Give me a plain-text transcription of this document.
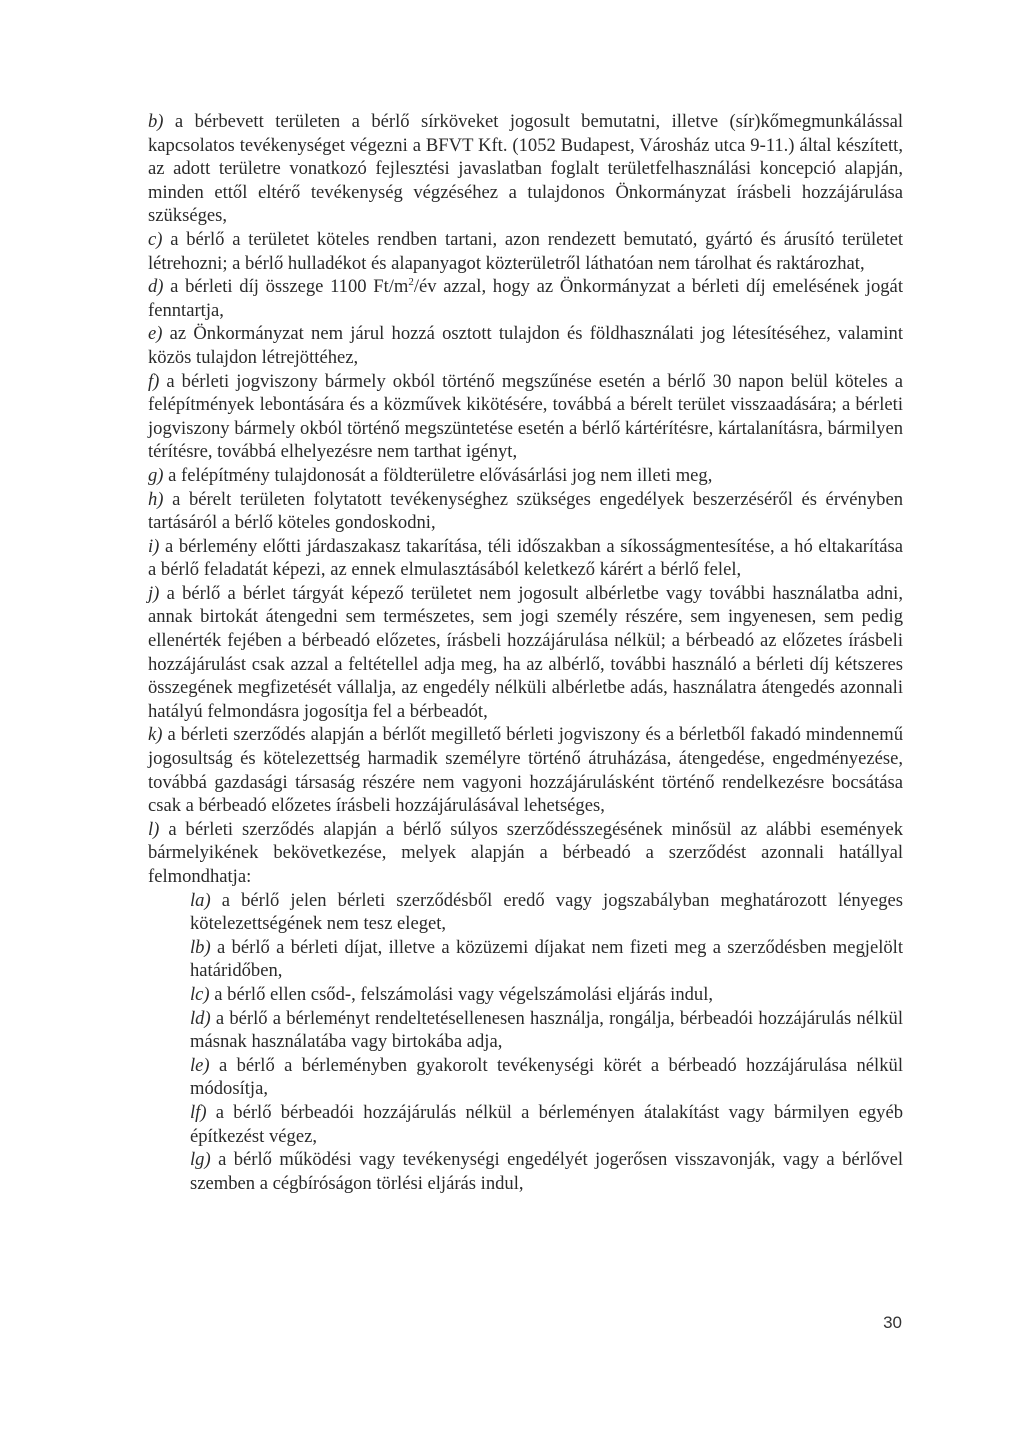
b) a bérbevett területen a bérlő sírköveket jogosult bemutatni, illetve (sír)kőmegmunkálással kapcsolatos tevékenységet végezni a BFVT Kft. (1052 Budapest, Városház utca 9-11.) által készített, az adott területre vonatkozó fejlesztési javaslatban foglalt területfelhasználási koncepció alapján, minden ettől eltérő tevékenység végzéséhez a tulajdonos Önkormányzat írásbeli hozzájárulása szükséges,

c) a bérlő a területet köteles rendben tartani, azon rendezett bemutató, gyártó és árusító területet létrehozni; a bérlő hulladékot és alapanyagot közterületről láthatóan nem tárolhat és raktározhat,

d) a bérleti díj összege 1100 $Ft/m^2/év$ azzal, hogy az Önkormányzat a bérleti díj emelésének jogát fenntartja,

e) az Önkormányzat nem járul hozzá osztott tulajdon és földhasználati jog létesítéséhez, valamint közös tulajdon létrejöttéhez,

f) a bérleti jogviszony bármely okból történő megszűnése esetén a bérlő 30 napon belül köteles a felépítmények lebontására és a közművek kikötésére, továbbá a bérelt terület visszaadására; a bérleti jogviszony bármely okból történő megszüntetése esetén a bérlő kártérítésre, kártalanításra, bármilyen térítésre, továbbá elhelyezésre nem tarthat igényt,

g) a felépítmény tulajdonosát a földterületre elővásárlási jog nem illeti meg,

h) a bérelt területen folytatott tevékenységhez szükséges engedélyek beszerzéséről és érvényben tartásáról a bérlő köteles gondoskodni,

i) a bérlemény előtti járdaszakasz takarítása, téli időszakban a síkosságmentesítése, a hó eltakarítása a bérlő feladatát képezi, az ennek elmulasztásából keletkező kárért a bérlő felel,

j) a bérlő a bérlet tárgyát képező területet nem jogosult albérletbe vagy további használatba adni, annak birtokát átengedni sem természetes, sem jogi személy részére, sem ingyenesen, sem pedig ellenérték fejében a bérbeadó előzetes, írásbeli hozzájárulása nélkül; a bérbeadó az előzetes írásbeli hozzájárulást csak azzal a feltétellel adja meg, ha az albérlő, további használó a bérleti díj kétszeres összegének megfizetését vállalja, az engedély nélküli albérletbe adás, használatra átengedés azonnali hatályú felmondásra jogosítja fel a bérbeadót,

k) a bérleti szerződés alapján a bérlőt megillető bérleti jogviszony és a bérletből fakadó mindennemű jogosultság és kötelezettség harmadik személyre történő átruházása, átengedése, engedményezése, továbbá gazdasági társaság részére nem vagyoni hozzájárulásként történő rendelkezésre bocsátása csak a bérbeadó előzetes írásbeli hozzájárulásával lehetséges,

l) a bérleti szerződés alapján a bérlő súlyos szerződésszegésének minősül az alábbi események bármelyikének bekövetkezése, melyek alapján a bérbeadó a szerződést azonnali hatállyal felmondhatja:

la) a bérlő jelen bérleti szerződésből eredő vagy jogszabályban meghatározott lényeges kötelezettségének nem tesz eleget,

lb) a bérlő a bérleti díjat, illetve a közüzemi díjakat nem fizeti meg a szerződésben megjelölt határidőben,

lc) a bérlő ellen csőd-, felszámolási vagy végelszámolási eljárás indul,

ld) a bérlő a bérleményt rendeltetésellenesen használja, rongálja, bérbeadói hozzájárulás nélkül másnak használatába vagy birtokába adja,

le) a bérlő a bérleményben gyakorolt tevékenységi körét a bérbeadó hozzájárulása nélkül módosítja,

lf) a bérlő bérbeadói hozzájárulás nélkül a bérleményen átalakítást vagy bármilyen egyéb építkezést végez,

lg) a bérlő működési vagy tevékenységi engedélyét jogerősen visszavonják, vagy a bérlővel szemben a cégbíróságon törlési eljárás indul,

30
